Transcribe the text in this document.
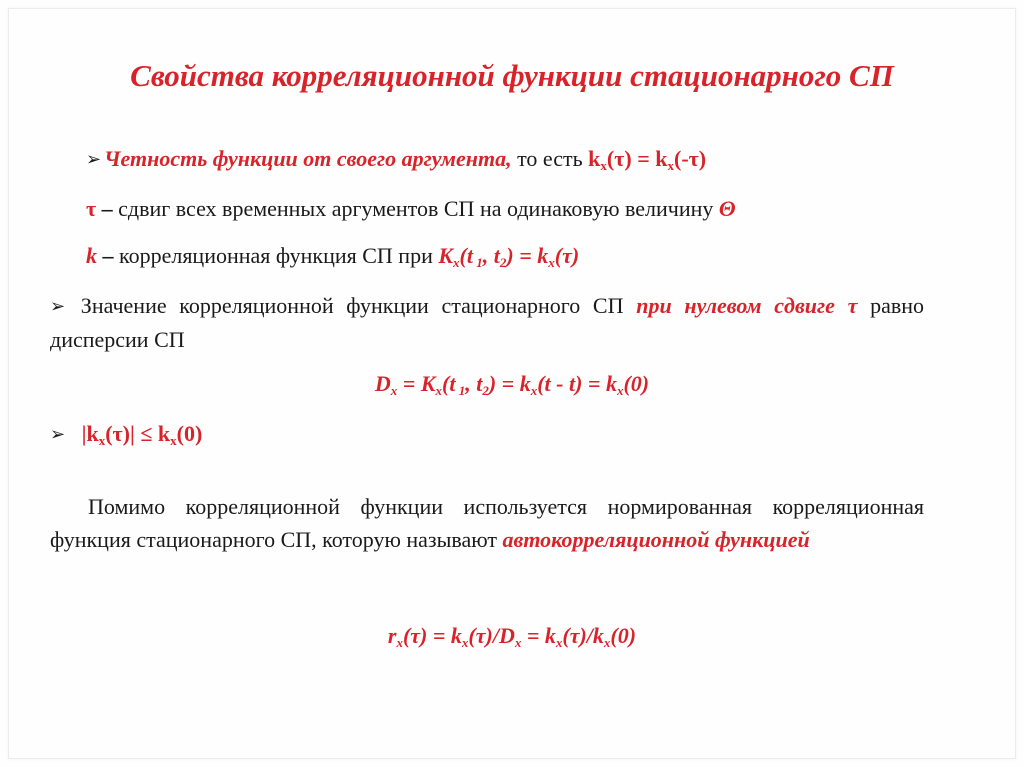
Свойства корреляционной функции стационарного СП
➢ Четность функции от своего аргумента, то есть $k_x(\tau) = k_x(-\tau)$
τ – сдвиг всех временных аргументов СП на одинаковую величину Θ
k – корреляционная функция СП при $K_x(t$ $_1$, $t_2) = k_x(\tau)$
➢ Значение корреляционной функции стационарного СП при нулевом сдвиге τ равно дисперсии СП
$D_x = K_x(t$ $_1$, $t_2) = k_x(t - t) = k_x(0)$
➢ $|k_x(\tau)| \le k_x(0)$
Помимо корреляционной функции используется нормированная корреляционная функция стационарного СП, которую называют автокорреляционной функцией
$r_x(\tau) = k_x(\tau)/D_x = k_x(\tau)/k_x(0)$
